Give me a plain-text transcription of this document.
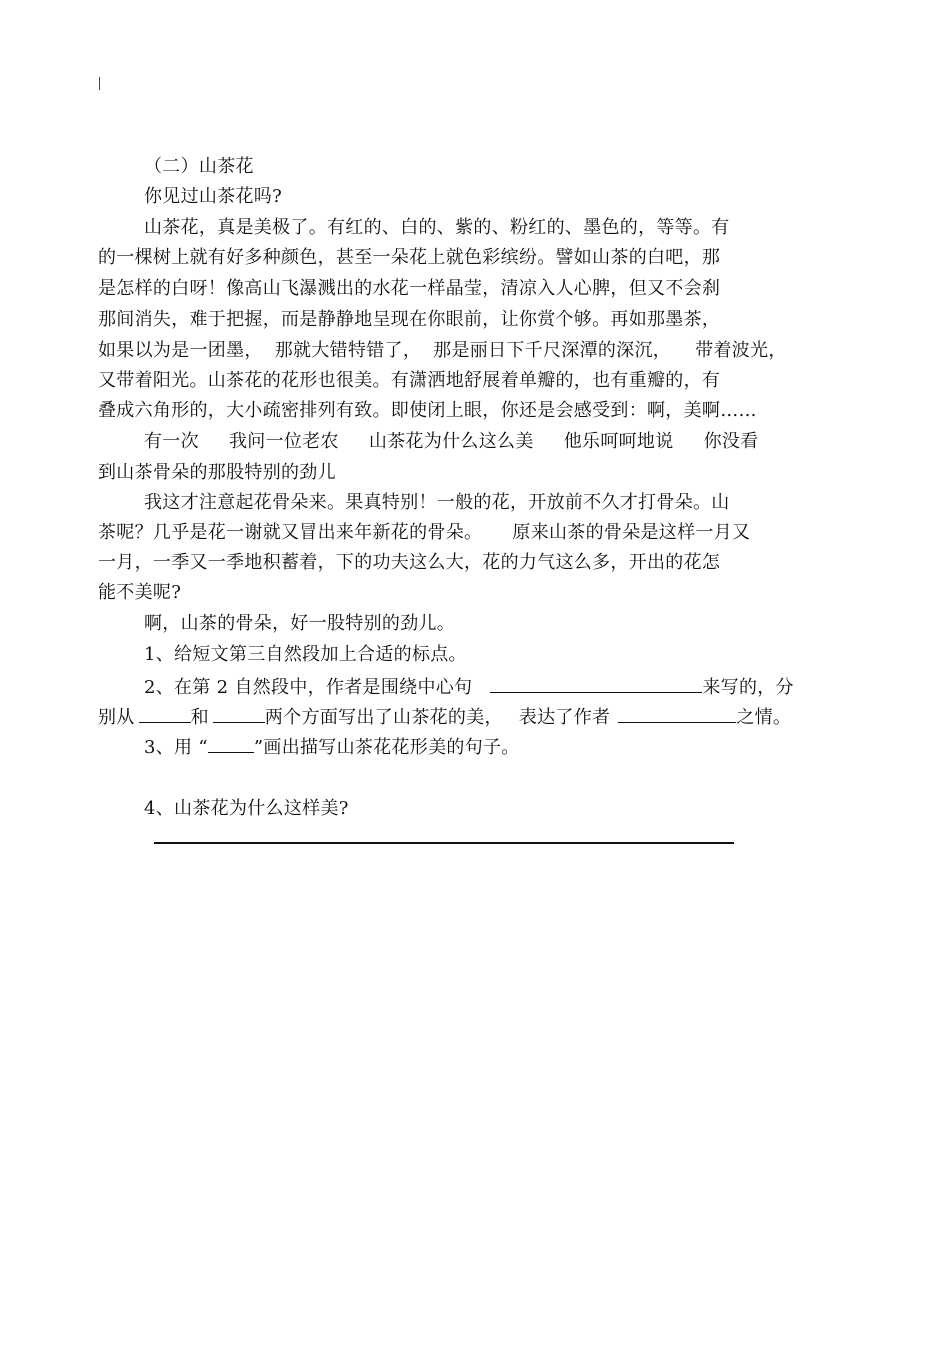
（二）山茶花
你见过山茶花吗?
山茶花，真是美极了。有红的、白的、紫的、粉红的、墨色的，等等。有
的一棵树上就有好多种颜色，甚至一朵花上就色彩缤纷。譬如山茶的白吧，那
是怎样的白呀！像高山飞瀑溅出的水花一样晶莹，清凉入人心脾，但又不会刹
那间消失，难于把握，而是静静地呈现在你眼前，让你赏个够。再如那墨茶，
如果以为是一团墨，  那就大错特错了，  那是丽日下千尺深潭的深沉，    带着波光，
又带着阳光。山茶花的花形也很美。有潇洒地舒展着单瓣的，也有重瓣的，有
叠成六角形的，大小疏密排列有致。即使闭上眼，你还是会感受到：啊，美啊……
有一次     我问一位老农     山茶花为什么这么美     他乐呵呵地说     你没看
到山茶骨朵的那股特别的劲儿
我这才注意起花骨朵来。果真特别！一般的花，开放前不久才打骨朵。山
茶呢？几乎是花一谢就又冒出来年新花的骨朵。     原来山茶的骨朵是这样一月又
一月，一季又一季地积蓄着，下的功夫这么大，花的力气这么多，开出的花怎
能不美呢?
啊，山茶的骨朵，好一股特别的劲儿。
1、给短文第三自然段加上合适的标点。
2、在第 2 自然段中，作者是围绕中心句	来写的，分
别从	和	两个方面写出了山茶花的美， 表达了作者	之情。
3、用 “	”画出描写山茶花花形美的句子。
4、山茶花为什么这样美?
